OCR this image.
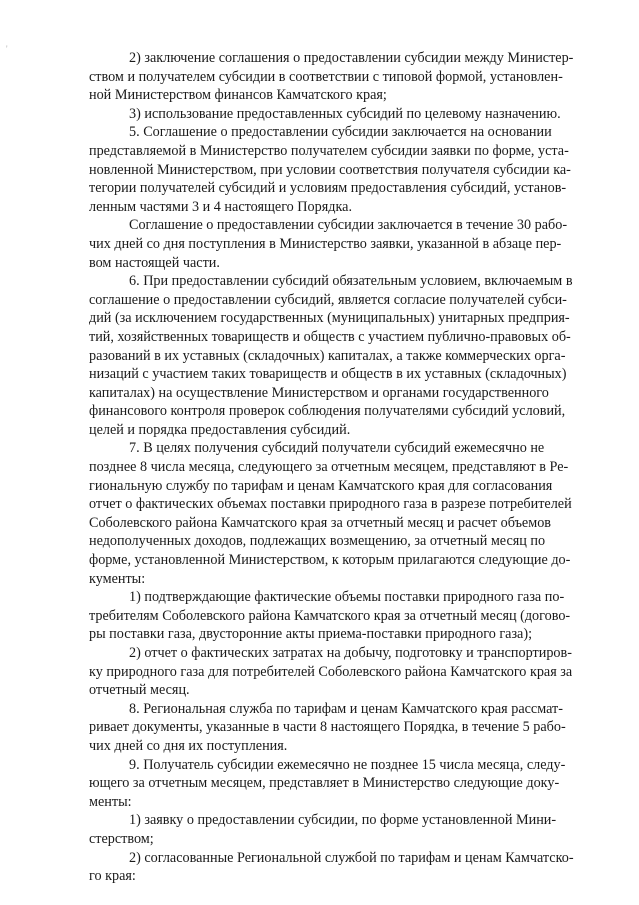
'

2) заключение соглашения о предоставлении субсидии между Министер-
ством и получателем субсидии в соответствии с типовой формой, установлен-
ной Министерством финансов Камчатского края;

3) использование предоставленных субсидий по целевому назначению.

5. Соглашение о предоставлении субсидии заключается на основании
представляемой в Министерство получателем субсидии заявки по форме, уста-
новленной Министерством, при условии соответствия получателя субсидии ка-
тегории получателей субсидий и условиям предоставления субсидий, установ-
ленным частями 3 и 4 настоящего Порядка.

Соглашение о предоставлении субсидии заключается в течение 30 рабо-
чих дней со дня поступления в Министерство заявки, указанной в абзаце пер-
вом настоящей части.

6. При предоставлении субсидий обязательным условием, включаемым в
соглашение о предоставлении субсидий, является согласие получателей субси-
дий (за исключением государственных (муниципальных) унитарных предприя-
тий, хозяйственных товариществ и обществ с участием публично-правовых об-
разований в их уставных (складочных) капиталах, а также коммерческих орга-
низаций с участием таких товариществ и обществ в их уставных (складочных)
капиталах) на осуществление Министерством и органами государственного
финансового контроля проверок соблюдения получателями субсидий условий,
целей и порядка предоставления субсидий.

7. В целях получения субсидий получатели субсидий ежемесячно не
позднее 8 числа месяца, следующего за отчетным месяцем, представляют в Ре-
гиональную службу по тарифам и ценам Камчатского края для согласования
отчет о фактических объемах поставки природного газа в разрезе потребителей
Соболевского района Камчатского края за отчетный месяц и расчет объемов
недополученных доходов, подлежащих возмещению, за отчетный месяц по
форме, установленной Министерством, к которым прилагаются следующие до-
кументы:

1) подтверждающие фактические объемы поставки природного газа по-
требителям Соболевского района Камчатского края за отчетный месяц (догово-
ры поставки газа, двусторонние акты приема-поставки природного газа);

2) отчет о фактических затратах на добычу, подготовку и транспортиров-
ку природного газа для потребителей Соболевского района Камчатского края за
отчетный месяц.

8. Региональная служба по тарифам и ценам Камчатского края рассмат-
ривает документы, указанные в части 8 настоящего Порядка, в течение 5 рабо-
чих дней со дня их поступления.

9. Получатель субсидии ежемесячно не позднее 15 числа месяца, следу-
ющего за отчетным месяцем, представляет в Министерство следующие доку-
менты:

1) заявку о предоставлении субсидии, по форме установленной Мини-
стерством;

2) согласованные Региональной службой по тарифам и ценам Камчатско-
го края:
